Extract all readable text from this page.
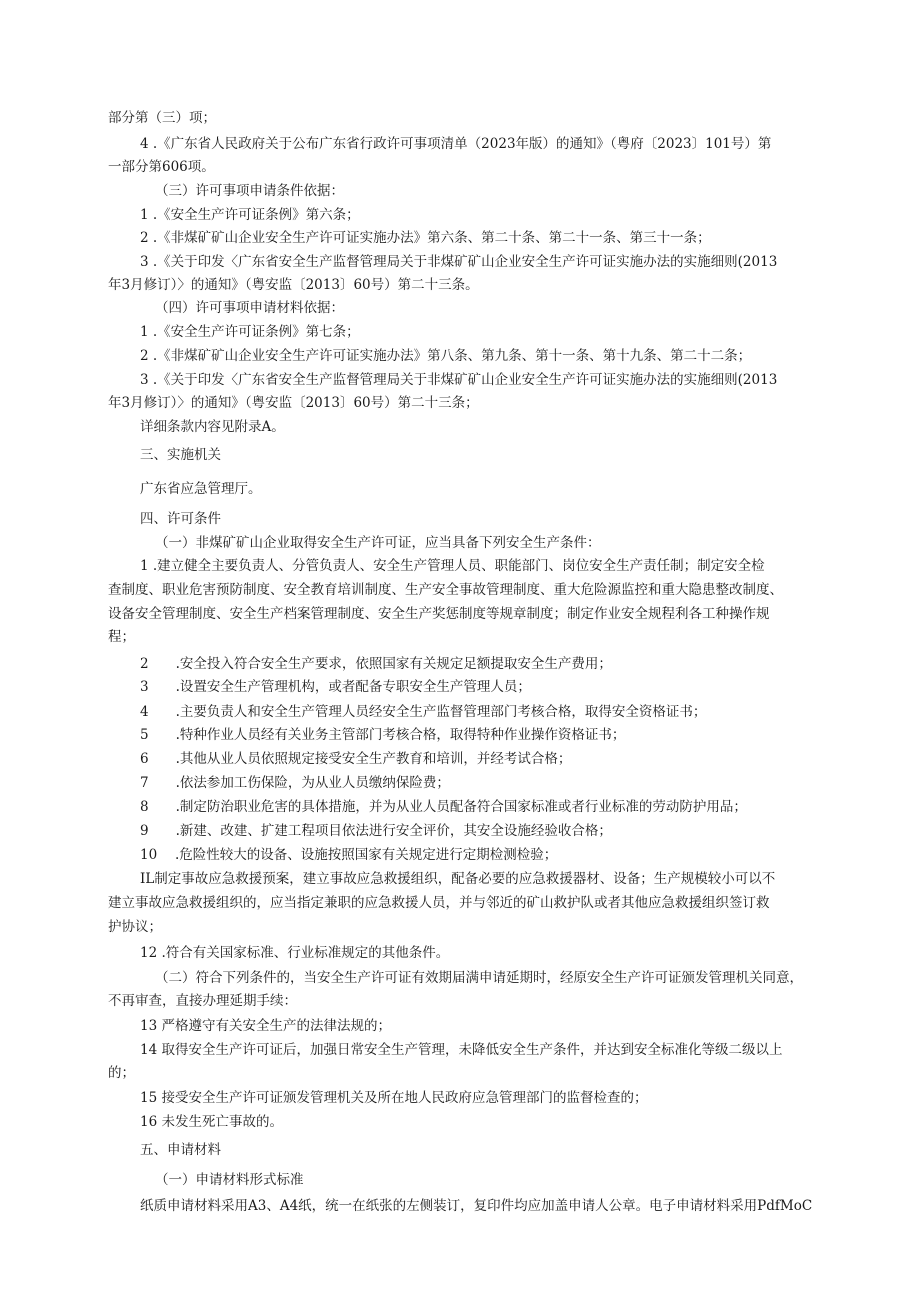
部分第（三）项；
4 .《广东省人民政府关于公布广东省行政许可事项清单（2023年版）的通知》（粤府〔2023〕101号）第
一部分第606项。
（三）许可事项申请条件依据：
1 .《安全生产许可证条例》第六条；
2 .《非煤矿矿山企业安全生产许可证实施办法》第六条、第二十条、第二十一条、第三十一条；
3 .《关于印发〈广东省安全生产监督管理局关于非煤矿矿山企业安全生产许可证实施办法的实施细则(2013
年3月修订）〉的通知》（粤安监〔2013〕60号）第二十三条。
（四）许可事项申请材料依据：
1 .《安全生产许可证条例》第七条；
2 .《非煤矿矿山企业安全生产许可证实施办法》第八条、第九条、第十一条、第十九条、第二十二条；
3 .《关于印发〈广东省安全生产监督管理局关于非煤矿矿山企业安全生产许可证实施办法的实施细则(2013
年3月修订）〉的通知》（粤安监〔2013〕60号）第二十三条；
详细条款内容见附录A。
三、实施机关
广东省应急管理厅。
四、许可条件
（一）非煤矿矿山企业取得安全生产许可证，应当具备下列安全生产条件：
1 .建立健全主要负责人、分管负责人、安全生产管理人员、职能部门、岗位安全生产责任制；制定安全检
查制度、职业危害预防制度、安全教育培训制度、生产安全事故管理制度、重大危险源监控和重大隐患整改制度、
设备安全管理制度、安全生产档案管理制度、安全生产奖惩制度等规章制度；制定作业安全规程利各工种操作规
程；
2　　.安全投入符合安全生产要求，依照国家有关规定足额提取安全生产费用；
3　　.设置安全生产管理机构，或者配备专职安全生产管理人员；
4　　.主要负责人和安全生产管理人员经安全生产监督管理部门考核合格，取得安全资格证书；
5　　.特种作业人员经有关业务主管部门考核合格，取得特种作业操作资格证书；
6　　.其他从业人员依照规定接受安全生产教育和培训，并经考试合格；
7　　.依法参加工伤保险，为从业人员缴纳保险费；
8　　.制定防治职业危害的具体措施，并为从业人员配备符合国家标准或者行业标准的劳动防护用品；
9　　.新建、改建、扩建工程项目依法进行安全评价，其安全设施经验收合格；
10　 .危险性较大的设备、设施按照国家有关规定进行定期检测检验；
IL制定事故应急救援预案，建立事故应急救援组织，配备必要的应急救援器材、设备；生产规模较小可以不
建立事故应急救援组织的，应当指定兼职的应急救援人员，并与邻近的矿山救护队或者其他应急救援组织签订救
护协议；
12 .符合有关国家标准、行业标准规定的其他条件。
（二）符合下列条件的，当安全生产许可证有效期届满申请延期时，经原安全生产许可证颁发管理机关同意，
不再审查，直接办理延期手续：
13 严格遵守有关安全生产的法律法规的；
14 取得安全生产许可证后，加强日常安全生产管理，未降低安全生产条件，并达到安全标准化等级二级以上
的；
15 接受安全生产许可证颁发管理机关及所在地人民政府应急管理部门的监督检查的；
16 未发生死亡事故的。
五、申请材料
（一）申请材料形式标准
纸质申请材料采用A3、A4纸，统一在纸张的左侧装订，复印件均应加盖申请人公章。电子申请材料采用PdfMoC
